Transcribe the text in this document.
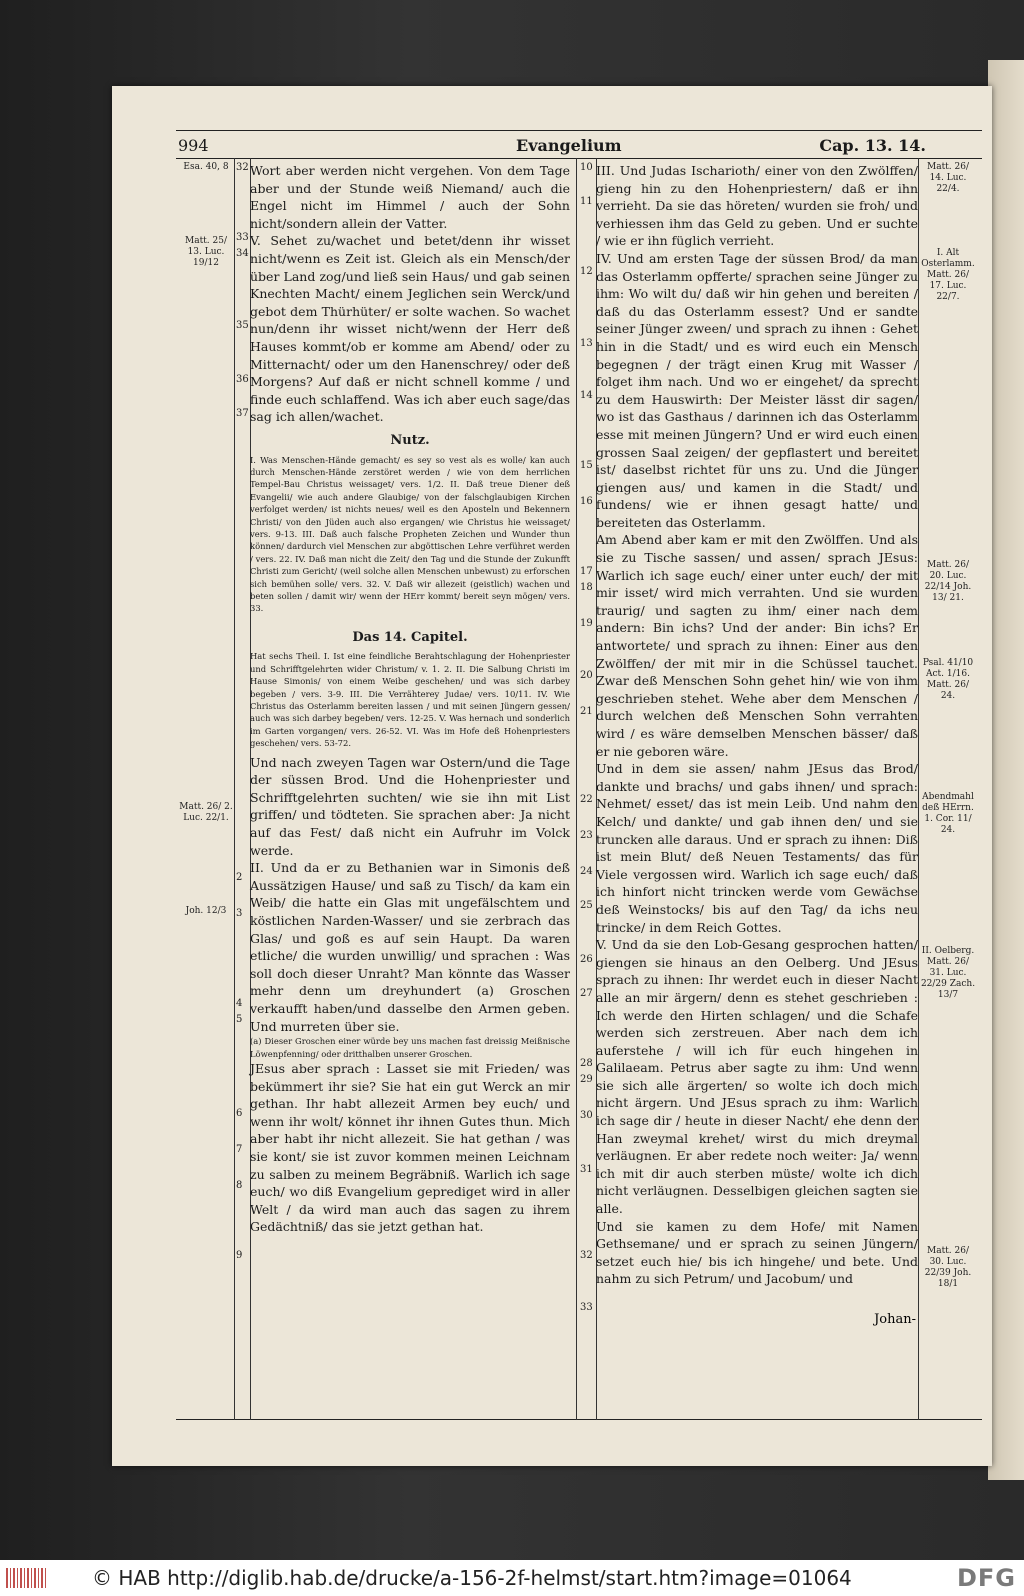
994	Evangelium	Cap. 13. 14.
Esa. 40, 8
Matt. 25/ 13. Luc. 19/12
Matt. 26/ 2. Luc. 22/1.
Joh. 12/3
32
33
34
35
36
37
2
3
4
5
6
7
8
9

Wort aber werden nicht vergehen. Von dem Tage aber und der Stunde weiß Niemand/ auch die Engel nicht im Himmel / auch der Sohn nicht/sondern allein der Vatter.

V. Sehet zu/wachet und betet/denn ihr wisset nicht/wenn es Zeit ist. Gleich als ein Mensch/der über Land zog/und ließ sein Haus/ und gab seinen Knechten Macht/ einem Jeglichen sein Werck/und gebot dem Thürhüter/ er solte wachen. So wachet nun/denn ihr wisset nicht/wenn der Herr deß Hauses kommt/ob er komme am Abend/ oder zu Mitternacht/ oder um den Hanenschrey/ oder deß Morgens? Auf daß er nicht schnell komme / und finde euch schlaffend. Was ich aber euch sage/das sag ich allen/wachet.

Nutz.

I. Was Menschen-Hände gemacht/ es sey so vest als es wolle/ kan auch durch Menschen-Hände zerstöret werden / wie von dem herrlichen Tempel-Bau Christus weissaget/ vers. 1/2. II. Daß treue Diener deß Evangelii/ wie auch andere Glaubige/ von der falschglaubigen Kirchen verfolget werden/ ist nichts neues/ weil es den Aposteln und Bekennern Christi/ von den Jüden auch also ergangen/ wie Christus hie weissaget/ vers. 9-13. III. Daß auch falsche Propheten Zeichen und Wunder thun können/ dardurch viel Menschen zur abgöttischen Lehre verführet werden / vers. 22. IV. Daß man nicht die Zeit/ den Tag und die Stunde der Zukunfft Christi zum Gericht/ (weil solche allen Menschen unbewust) zu erforschen sich bemühen solle/ vers. 32. V. Daß wir allezeit (geistlich) wachen und beten sollen / damit wir/ wenn der HErr kommt/ bereit seyn mögen/ vers. 33.

Das 14. Capitel.

Hat sechs Theil. I. Ist eine feindliche Berahtschlagung der Hohenpriester und Schrifftgelehrten wider Christum/ v. 1. 2. II. Die Salbung Christi im Hause Simonis/ von einem Weibe geschehen/ und was sich darbey begeben / vers. 3-9. III. Die Verrähterey Judae/ vers. 10/11. IV. Wie Christus das Osterlamm bereiten lassen / und mit seinen Jüngern gessen/ auch was sich darbey begeben/ vers. 12-25. V. Was hernach und sonderlich im Garten vorgangen/ vers. 26-52. VI. Was im Hofe deß Hohenpriesters geschehen/ vers. 53-72.

Und nach zweyen Tagen war Ostern/und die Tage der süssen Brod. Und die Hohenpriester und Schrifftgelehrten suchten/ wie sie ihn mit List griffen/ und tödteten. Sie sprachen aber: Ja nicht auf das Fest/ daß nicht ein Aufruhr im Volck werde.

II. Und da er zu Bethanien war in Simonis deß Aussätzigen Hause/ und saß zu Tisch/ da kam ein Weib/ die hatte ein Glas mit ungefälschtem und köstlichen Narden-Wasser/ und sie zerbrach das Glas/ und goß es auf sein Haupt. Da waren etliche/ die wurden unwillig/ und sprachen : Was soll doch dieser Unraht? Man könnte das Wasser mehr denn um dreyhundert (a) Groschen verkaufft haben/und dasselbe den Armen geben. Und murreten über sie.

(a) Dieser Groschen einer würde bey uns machen fast dreissig Meißnische Löwenpfenning/ oder dritthalben unserer Groschen.

JEsus aber sprach : Lasset sie mit Frieden/ was bekümmert ihr sie? Sie hat ein gut Werck an mir gethan. Ihr habt allezeit Armen bey euch/ und wenn ihr wolt/ könnet ihr ihnen Gutes thun. Mich aber habt ihr nicht allezeit. Sie hat gethan / was sie kont/ sie ist zuvor kommen meinen Leichnam zu salben zu meinem Begräbniß. Warlich ich sage euch/ wo diß Evangelium geprediget wird in aller Welt / da wird man auch das sagen zu ihrem Gedächtniß/ das sie jetzt gethan hat.

10
11
12
13
14
15
16
17
18
19
20
21
22
23
24
25
26
27
28
29
30
31
32
33

III. Und Judas Ischarioth/ einer von den Zwölffen/ gieng hin zu den Hohenpriestern/ daß er ihn verrieht. Da sie das höreten/ wurden sie froh/ und verhiessen ihm das Geld zu geben. Und er suchte / wie er ihn füglich verrieht.

IV. Und am ersten Tage der süssen Brod/ da man das Osterlamm opfferte/ sprachen seine Jünger zu ihm: Wo wilt du/ daß wir hin gehen und bereiten / daß du das Osterlamm essest? Und er sandte seiner Jünger zween/ und sprach zu ihnen : Gehet hin in die Stadt/ und es wird euch ein Mensch begegnen / der trägt einen Krug mit Wasser / folget ihm nach. Und wo er eingehet/ da sprecht zu dem Hauswirth: Der Meister lässt dir sagen/ wo ist das Gasthaus / darinnen ich das Osterlamm esse mit meinen Jüngern? Und er wird euch einen grossen Saal zeigen/ der gepflastert und bereitet ist/ daselbst richtet für uns zu. Und die Jünger giengen aus/ und kamen in die Stadt/ und fundens/ wie er ihnen gesagt hatte/ und bereiteten das Osterlamm.

Am Abend aber kam er mit den Zwölffen. Und als sie zu Tische sassen/ und assen/ sprach JEsus: Warlich ich sage euch/ einer unter euch/ der mit mir isset/ wird mich verrahten. Und sie wurden traurig/ und sagten zu ihm/ einer nach dem andern: Bin ichs? Und der ander: Bin ichs? Er antwortete/ und sprach zu ihnen: Einer aus den Zwölffen/ der mit mir in die Schüssel tauchet. Zwar deß Menschen Sohn gehet hin/ wie von ihm geschrieben stehet. Wehe aber dem Menschen / durch welchen deß Menschen Sohn verrahten wird / es wäre demselben Menschen bässer/ daß er nie geboren wäre.

Und in dem sie assen/ nahm JEsus das Brod/ dankte und brachs/ und gabs ihnen/ und sprach: Nehmet/ esset/ das ist mein Leib. Und nahm den Kelch/ und dankte/ und gab ihnen den/ und sie truncken alle daraus. Und er sprach zu ihnen: Diß ist mein Blut/ deß Neuen Testaments/ das für Viele vergossen wird. Warlich ich sage euch/ daß ich hinfort nicht trincken werde vom Gewächse deß Weinstocks/ bis auf den Tag/ da ichs neu trincke/ in dem Reich Gottes.

V. Und da sie den Lob-Gesang gesprochen hatten/ giengen sie hinaus an den Oelberg. Und JEsus sprach zu ihnen: Ihr werdet euch in dieser Nacht alle an mir ärgern/ denn es stehet geschrieben : Ich werde den Hirten schlagen/ und die Schafe werden sich zerstreuen. Aber nach dem ich auferstehe / will ich für euch hingehen in Galilaeam. Petrus aber sagte zu ihm: Und wenn sie sich alle ärgerten/ so wolte ich doch mich nicht ärgern. Und JEsus sprach zu ihm: Warlich ich sage dir / heute in dieser Nacht/ ehe denn der Han zweymal krehet/ wirst du mich dreymal verläugnen. Er aber redete noch weiter: Ja/ wenn ich mit dir auch sterben müste/ wolte ich dich nicht verläugnen. Desselbigen gleichen sagten sie alle.

Und sie kamen zu dem Hofe/ mit Namen Gethsemane/ und er sprach zu seinen Jüngern/ setzet euch hie/ bis ich hingehe/ und bete. Und nahm zu sich Petrum/ und Jacobum/ und

Matt. 26/ 14. Luc. 22/4.
I. Alt Osterlamm. Matt. 26/ 17. Luc. 22/7.
Matt. 26/ 20. Luc. 22/14 Joh. 13/ 21.
Psal. 41/10 Act. 1/16. Matt. 26/ 24.
Abendmahl deß HErrn. 1. Cor. 11/ 24.
II. Oelberg. Matt. 26/ 31. Luc. 22/29 Zach. 13/7
Matt. 26/ 30. Luc. 22/39 Joh. 18/1
Johan-
© HAB http://diglib.hab.de/drucke/a-156-2f-helmst/start.htm?image=01064	DFG
